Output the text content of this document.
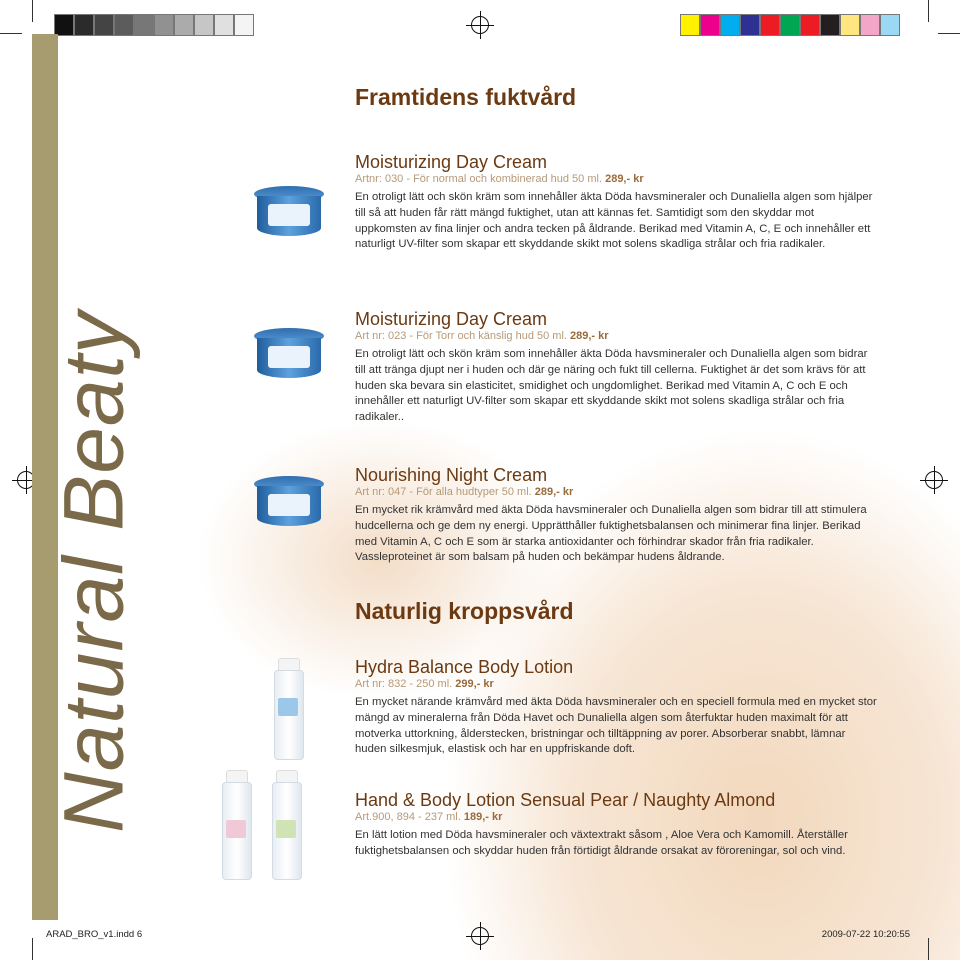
Natural Beaty
Framtidens fuktvård
Naturlig kroppsvård

Moisturizing Day Cream

Artnr: 030 - För normal och kombinerad hud 50 ml. 289,- kr

En otroligt lätt och skön kräm som innehåller äkta Döda havsmineraler och Dunaliella algen som hjälper till så att huden får rätt mängd fuktighet, utan att kännas fet. Samtidigt som den skyddar mot uppkomsten av fina linjer och andra tecken på åldrande. Berikad med Vitamin A, C, E och innehåller ett naturligt UV-filter som skapar ett skyddande skikt mot solens skadliga strålar och fria radikaler.

Moisturizing Day Cream

Art nr: 023 - För Torr och känslig hud 50 ml. 289,- kr

En otroligt lätt och skön kräm som innehåller äkta Döda havsmineraler och Dunaliella algen som bidrar till att tränga djupt ner i huden och där ge näring och fukt till cellerna. Fuktighet är det som krävs för att huden ska bevara sin elasticitet, smidighet och ungdomlighet. Berikad med Vitamin A, C och E och innehåller ett naturligt UV-filter som skapar ett skyddande skikt mot solens skadliga strålar och fria radikaler..

Nourishing Night Cream

Art nr: 047 - För alla hudtyper 50 ml. 289,- kr

En mycket rik krämvård med äkta Döda havsmineraler och Dunaliella algen som bidrar till att stimulera hudcellerna och ge dem ny energi. Upprätthåller fuktighetsbalansen och minimerar fina linjer. Berikad med Vitamin A, C och E som är starka antioxidanter och förhindrar skador från fria radikaler. Vassleproteinet är som balsam på huden och bekämpar hudens åldrande.

Hydra Balance Body Lotion

Art nr: 832 - 250 ml. 299,- kr

En mycket närande krämvård med äkta Döda havsmineraler och en speciell formula med en mycket stor mängd av mineralerna från Döda Havet och Dunaliella algen som återfuktar huden maximalt för att motverka uttorkning, ålderstecken, bristningar och tilltäppning av porer. Absorberar snabbt, lämnar huden silkesmjuk, elastisk och har en uppfriskande doft.

Hand & Body Lotion Sensual Pear / Naughty Almond

Art.900, 894 - 237 ml. 189,- kr

En lätt lotion med Döda havsmineraler och växtextrakt såsom , Aloe Vera och Kamomill. Återställer fuktighetsbalansen och skyddar huden från förtidigt åldrande orsakat av föroreningar, sol och vind.

ARAD_BRO_v1.indd 6	2009-07-22 10:20:55
